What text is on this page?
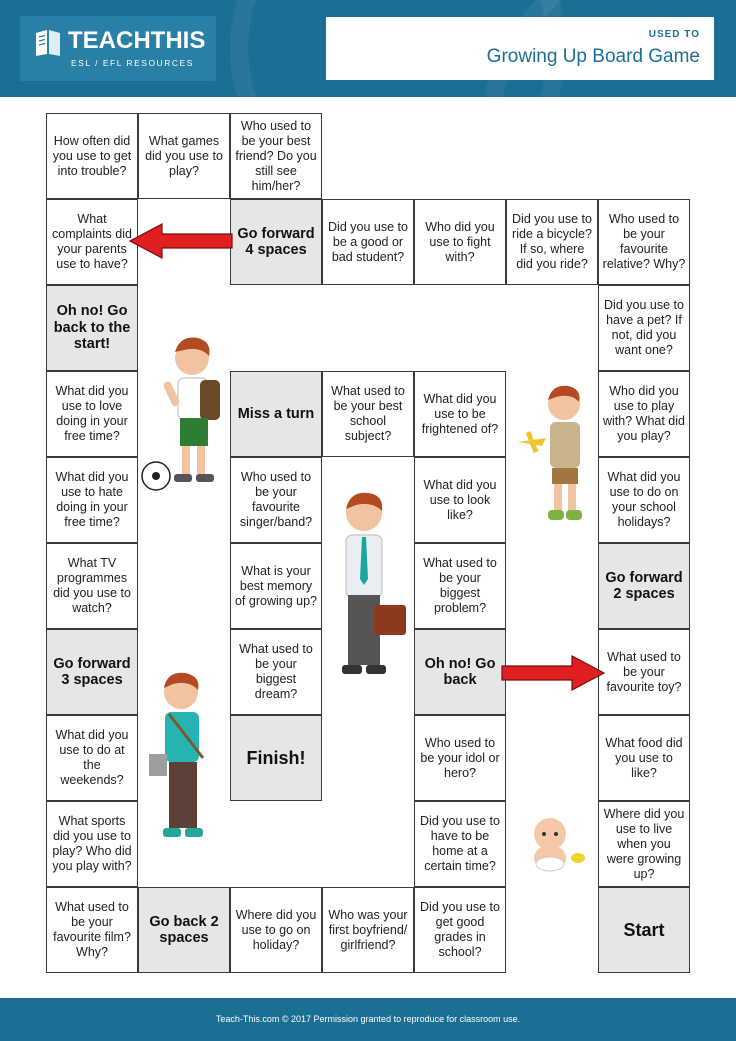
TEACHTHIS
ESL / EFL RESOURCES
USED TO
Growing Up Board Game
How often did you use to get into trouble?
What games did you use to play?
Who used to be your best friend? Do you still see him/her?
What complaints did your parents use to have?
Go forward 4 spaces
Did you use to be a good or bad student?
Who did you use to fight with?
Did you use to ride a bicycle? If so, where did you ride?
Who used to be your favourite relative? Why?
Oh no! Go back to the start!
Did you use to have a pet? If not, did you want one?
What did you use to love doing in your free time?
Miss a turn
What used to be your best school subject?
What did you use to be frightened of?
Who did you use to play with? What did you play?
What did you use to hate doing in your free time?
Who used to be your favourite singer/band?
What did you use to look like?
What did you use to do on your school holidays?
What TV programmes did you use to watch?
What is your best memory of growing up?
What used to be your biggest problem?
Go forward 2 spaces
Go forward 3 spaces
What used to be your biggest dream?
Oh no! Go back
What used to be your favourite toy?
What did you use to do at the weekends?
Finish!
Who used to be your idol or hero?
What food did you use to like?
What sports did you use to play? Who did you play with?
Did you use to have to be home at a certain time?
Where did you use to live when you were growing up?
What used to be your favourite film? Why?
Go back 2 spaces
Where did you use to go on holiday?
Who was your first boyfriend/ girlfriend?
Did you use to get good grades in school?
Start
Teach-This.com © 2017 Permission granted to reproduce for classroom use.
